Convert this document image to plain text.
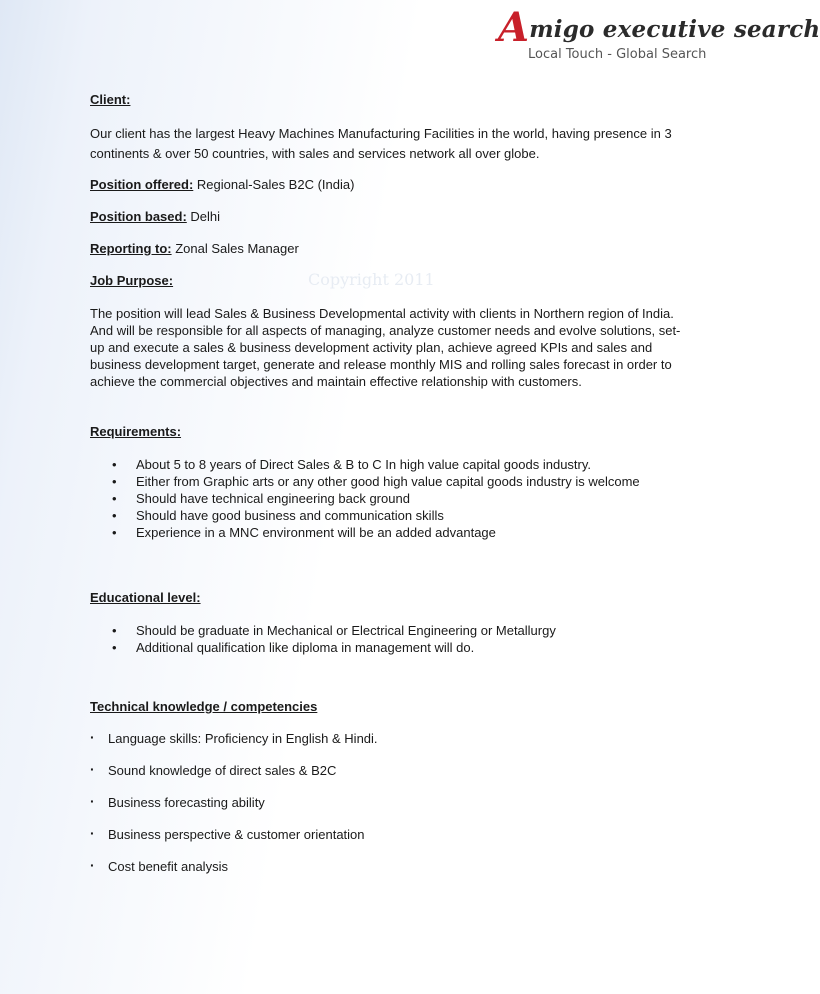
Amigo executive search
Local Touch - Global Search
Copyright 2011

Client:

Our client has the largest Heavy Machines Manufacturing Facilities in the world, having presence in 3 continents & over 50 countries, with sales and services network all over globe.

Position offered: Regional-Sales B2C (India)

Position based: Delhi

Reporting to: Zonal Sales Manager

Job Purpose:

The position will lead Sales & Business Developmental activity with clients in Northern region of India. And will be responsible for all aspects of managing, analyze customer needs and evolve solutions, set-up and execute a sales & business development activity plan, achieve agreed KPIs and sales and business development target, generate and release monthly MIS and rolling sales forecast in order to achieve the commercial objectives and maintain effective relationship with customers.

Requirements:

• About 5 to 8 years of Direct Sales & B to C In high value capital goods industry.
• Either from Graphic arts or any other good high value capital goods industry is welcome
• Should have technical engineering back ground
• Should have good business and communication skills
• Experience in a MNC environment will be an added advantage

Educational level:

• Should be graduate in Mechanical or Electrical Engineering or Metallurgy
• Additional qualification like diploma in management will do.

Technical knowledge / competencies

· Language skills: Proficiency in English & Hindi.

· Sound knowledge of direct sales & B2C

· Business forecasting ability

· Business perspective & customer orientation

· Cost benefit analysis
